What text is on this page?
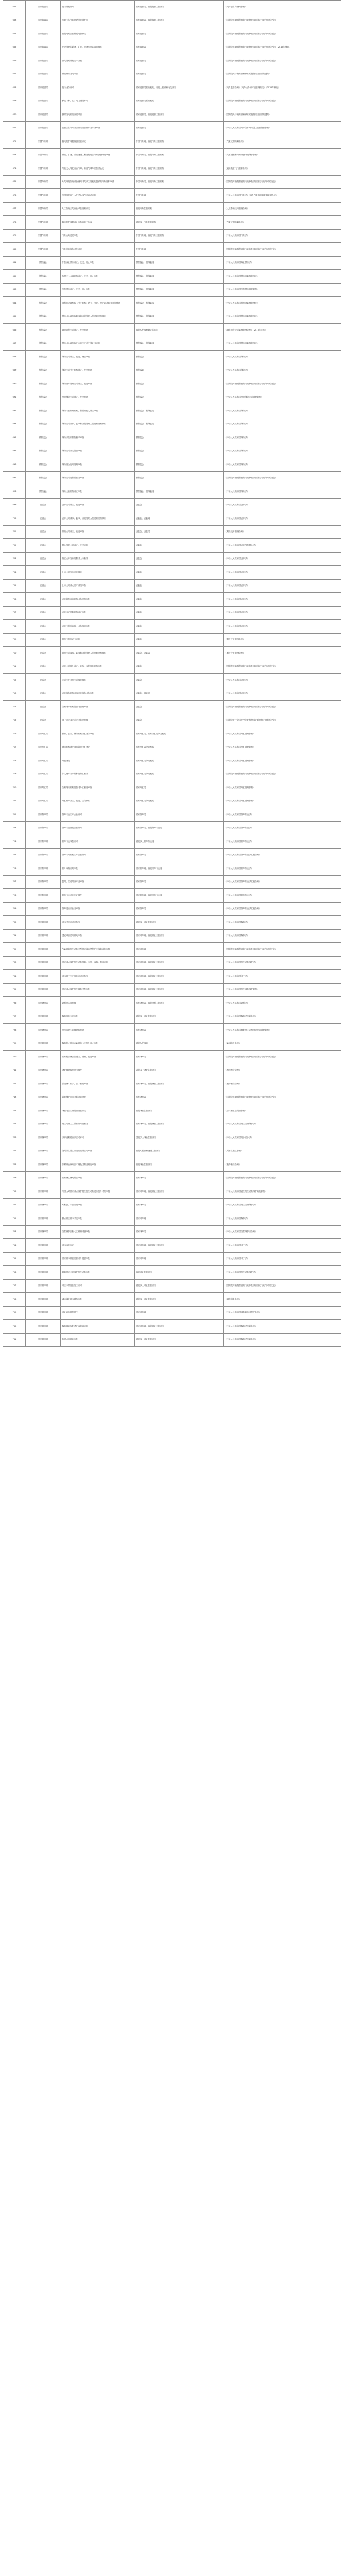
662	国家能源局	电力设施许可	国家能源局，省级能源主管部门	《电力供应与使用条例》
663	国家能源局	石油天然气基础设施建设许可	国家能源局，省级能源主管部门	《国务院对确需保留的行政审批项目设定行政许可的决定》
664	国家能源局	省级电网企业输配电价核定	国家能源局	《国务院对确需保留的行政审批项目设定行政许可的决定》
665	国家能源局	中央管理的新建、扩建、改建水电站项目核准	国家能源局	《国务院对确需保留的行政审批项目设定行政许可的决定》（2016年修改）
666	国家能源局	油气管网设施公平开放	国家能源局	《国务院对确需保留的行政审批项目设定行政许可的决定》
667	国家能源局	新建燃煤发电项目	国家能源局	《国务院关于发布政府核准的投资项目目录的通知》
668	国家能源局	电力业务许可	国家能源局派出机构，省级人民政府有关部门	《电力监管条例》《电力业务许可证管理规定》（2015年修改）
669	国家能源局	承装（修、试）电力设施许可	国家能源局派出机构	《国务院对确需保留的行政审批项目设定行政许可的决定》
670	国家能源局	燃煤发电机组新建项目	国家能源局，省级能源主管部门	《国务院关于发布政府核准的投资项目目录的通知》
671	国家能源局	石油天然气对外合作项目总体开发方案审批	国家能源局	《中华人民共和国对外合作开采陆上石油资源条例》
672	中国气象局	雷电防护装置检测资质认定	中国气象局，省级气象主管机构	《气象灾害防御条例》
673	中国气象局	新建、扩建、改建建设工程避免危害气象探测环境审批	中国气象局，省级气象主管机构	《气象设施和气象探测环境保护条例》
674	中国气象局	升放无人驾驶自由气球、系留气球单位资质认定	中国气象局，省级气象主管机构	《通用航空飞行管制条例》
675	中国气象局	大气环境影响评价使用非气象主管机构提供的气象资料审查	中国气象局，省级气象主管机构	《国务院对确需保留的行政审批项目设定行政许可的决定》
676	中国气象局	外国组织和个人在华从事气象活动审批	中国气象局	《中华人民共和国气象法》《涉外气象探测和资料管理办法》
677	中国气象局	人工影响天气作业单位资格认定	省级气象主管机构	《人工影响天气管理条例》
678	中国气象局	雷电防护装置设计审核和竣工验收	县级以上气象主管机构	《气象灾害防御条例》
679	中国气象局	气象台站迁建审批	中国气象局，省级气象主管机构	《中华人民共和国气象法》
680	中国气象局	气象信息服务单位备案	中国气象局	《国务院对确需保留的行政审批项目设定行政许可的决定》
681	银保监会	中资商业银行设立、变更、终止审批	银保监会，银保监局	《中华人民共和国商业银行法》
682	银保监会	农村中小金融机构设立、变更、终止审批	银保监会，银保监局	《中华人民共和国银行业监督管理法》
683	银保监会	外资银行设立、变更、终止审批	银保监会，银保监局	《中华人民共和国外资银行管理条例》
684	银保监会	非银行金融机构（分支机构）设立、变更、终止以及业务范围审批	银保监会，银保监局	《中华人民共和国银行业监督管理法》
685	银保监会	银行业金融机构董事和高级管理人员任职资格核准	银保监会，银保监局	《中华人民共和国银行业监督管理法》
686	银保监会	融资担保公司设立、变更审批	省级人民政府确定的部门	《融资担保公司监督管理条例》（2017年公布）
687	银保监会	银行业金融机构开办衍生产品交易业务审批	银保监会，银保监局	《中华人民共和国银行业监督管理法》
688	银保监会	保险公司设立、变更、终止审批	银保监会	《中华人民共和国保险法》
689	银保监会	保险公司分支机构设立、变更审批	银保监局	《中华人民共和国保险法》
690	银保监会	保险资产管理公司设立、变更审批	银保监会	《国务院对确需保留的行政审批项目设定行政许可的决定》
691	银保监会	外资保险公司设立、变更审批	银保监会	《中华人民共和国外资保险公司管理条例》
692	银保监会	保险专业代理机构、保险经纪人设立审批	银保监会，银保监局	《中华人民共和国保险法》
693	银保监会	保险公司董事、监事和高级管理人员任职资格核准	银保监会，银保监局	《中华人民共和国保险法》
694	银保监会	保险条款和保险费率审批	银保监会	《中华人民共和国保险法》
695	银保监会	保险公司重大投资审批	银保监会	《中华人民共和国保险法》
696	银保监会	保险资金运用管理审批	银保监会	《中华人民共和国保险法》
697	银保监会	保险公司再保险业务审批	银保监会	《国务院对确需保留的行政审批项目设定行政许可的决定》
698	银保监会	保险公估机构设立审批	银保监会，银保监局	《中华人民共和国保险法》
699	证监会	证券公司设立、变更审批	证监会	《中华人民共和国证券法》
700	证监会	证券公司董事、监事、高级管理人员任职资格核准	证监会，证监局	《中华人民共和国证券法》
701	证监会	期货公司设立、变更审批	证监会，证监局	《期货交易管理条例》
702	证监会	基金管理公司设立、变更审批	证监会	《中华人民共和国证券投资基金法》
703	证监会	首次公开发行股票并上市核准	证监会	《中华人民共和国证券法》
704	证监会	上市公司发行证券核准	证监会	《中华人民共和国证券法》
705	证监会	上市公司重大资产重组审核	证监会	《中华人民共和国证券法》
706	证监会	证券投资咨询机构业务资格审批	证监会	《中华人民共和国证券法》
707	证监会	证券登记结算机构设立审批	证监会	《中华人民共和国证券法》
708	证监会	证券交易所章程、业务规则审批	证监会	《中华人民共和国证券法》
709	证监会	期货交易所设立审批	证监会	《期货交易管理条例》
710	证监会	期货公司董事、监事和高级管理人员任职资格核准	证监会，证监局	《期货交易管理条例》
711	证监会	证券公司境外设立、收购、参股经营机构审批	证监会	《国务院对确需保留的行政审批项目设定行政许可的决定》
712	证监会	公司公开发行公司债券核准	证监会	《中华人民共和国证券法》
713	证监会	证券服务机构从事证券服务业务审批	证监会，财政部	《中华人民共和国证券法》
714	证监会	合格境外机构投资者资格审批	证监会	《国务院对确需保留的行政审批项目设定行政许可的决定》
715	证监会	非上市公众公司公开转让审核	证监会	《国务院关于全国中小企业股份转让系统有关问题的决定》
716	国家外汇局	银行、证券、保险机构外汇业务审批	国家外汇局，国家外汇局分支机构	《中华人民共和国外汇管理条例》
717	国家外汇局	境内机构境外直接投资外汇登记	国家外汇局分支机构	《中华人民共和国外汇管理条例》
718	国家外汇局	外债登记	国家外汇局分支机构	《中华人民共和国外汇管理条例》
719	国家外汇局	个人财产对外转移售付汇核准	国家外汇局分支机构	《国务院对确需保留的行政审批项目设定行政许可的决定》
720	国家外汇局	合格境内机构投资者外汇额度审批	国家外汇局	《中华人民共和国外汇管理条例》
721	国家外汇局	外汇账户开立、变更、关闭核准	国家外汇局分支机构	《中华人民共和国外汇管理条例》
722	国家烟草局	烟草专卖生产企业许可	国家烟草局	《中华人民共和国烟草专卖法》
723	国家烟草局	烟草专卖批发企业许可	国家烟草局，省级烟草专卖局	《中华人民共和国烟草专卖法》
724	国家烟草局	烟草专卖零售许可	县级以上烟草专卖局	《中华人民共和国烟草专卖法》
725	国家烟草局	烟草专用机械生产企业许可	国家烟草局	《中华人民共和国烟草专卖法实施条例》
726	国家烟草局	烟叶收购计划审批	国家烟草局，省级烟草专卖局	《中华人民共和国烟草专卖法》
727	国家烟草局	卷烟、雪茄烟新产品审批	国家烟草局	《中华人民共和国烟草专卖法实施条例》
728	国家烟草局	烟草专卖品准运证核发	国家烟草局，省级烟草专卖局	《中华人民共和国烟草专卖法》
729	国家烟草局	烟草进出口业务审批	国家烟草局	《中华人民共和国烟草专卖法实施条例》
730	国家林草局	林木采伐许可证核发	县级以上林业主管部门	《中华人民共和国森林法》
731	国家林草局	建设项目使用林地审核	国家林草局，省级林业主管部门	《中华人民共和国森林法》
732	国家林草局	在森林和野生动物类型国家级自然保护区修筑设施审批	国家林草局	《国务院对确需保留的行政审批项目设定行政许可的决定》
733	国家林草局	国家重点保护野生动物猎捕、出售、收购、利用审批	国家林草局，省级林业主管部门	《中华人民共和国野生动物保护法》
734	国家林草局	林木种子生产经营许可证核发	国家林草局，省级林业主管部门	《中华人民共和国种子法》
735	国家林草局	国家重点保护野生植物采集审批	国家林草局，省级林业主管部门	《中华人民共和国野生植物保护条例》
736	国家林草局	草原征占用审核	国家林草局，省级草原主管部门	《中华人民共和国草原法》
737	国家林草局	森林经营方案审批	县级以上林业主管部门	《中华人民共和国森林法实施条例》
738	国家林草局	进出口野生动植物种审批	国家林草局	《中华人民共和国濒危野生动植物进出口管理条例》
739	国家林草局	森林防火期内在森林防火区野外用火审批	县级人民政府	《森林防火条例》
740	国家林草局	国家级森林公园设立、撤销、变更审批	国家林草局	《国务院对确需保留的行政审批项目设定行政许可的决定》
741	国家林草局	林业植物检疫证书核发	县级以上林业主管部门	《植物检疫条例》
742	国家林草局	引进林木种子、苗木检疫审批	国家林草局，省级林业主管部门	《植物检疫条例》
743	国家林草局	湿地保护区内开展活动审批	国家林草局	《国务院对确需保留的行政审批项目设定行政许可的决定》
744	国家林草局	林业有害生物防治资质认定	省级林业主管部门	《森林病虫害防治条例》
745	国家林草局	野生动物人工繁育许可证核发	国家林草局，省级林业主管部门	《中华人民共和国野生动物保护法》
746	国家林草局	从事营利性治沙活动许可	县级以上林业主管部门	《中华人民共和国防沙治沙法》
747	国家林草局	在风景名胜区内进行建设活动审批	省级人民政府建设主管部门	《风景名胜区条例》
748	国家林草局	松材线虫病疫区木材及其制品调运审批	省级林业主管部门	《植物检疫条例》
749	国家林草局	国有林区林地转让审批	国家林草局	《国务院对确需保留的行政审批项目设定行政许可的决定》
750	国家林草局	外国人对国家重点保护陆生野生动物进行野外考察审批	国家林草局，省级林业主管部门	《中华人民共和国陆生野生动物保护实施条例》
751	国家林草局	大熊猫、朱鹮出境审批	国家林草局	《中华人民共和国野生动物保护法》
752	国家林草局	重点林区林木采伐审批	国家林草局	《中华人民共和国森林法》
753	国家林草局	自然保护区核心区科研观测审批	国家林草局	《中华人民共和国自然保护区条例》
754	国家林草局	林木良种审定	国家林草局，省级林业主管部门	《中华人民共和国种子法》
755	国家林草局	国家林木种质资源对外提供审批	国家林草局	《中华人民共和国种子法》
756	国家林草局	猎捕国家二级保护野生动物审批	省级林业主管部门	《中华人民共和国野生动物保护法》
757	国家林草局	林区木材经营加工许可	县级以上林业主管部门	《国务院对确需保留的行政审批项目设定行政许可的决定》
758	国家林草局	城市绿化林木移植审批	县级以上林业主管部门	《城市绿化条例》
759	国家林草局	林业新品种权授予	国家林草局	《中华人民共和国植物新品种保护条例》
760	国家林草局	森林植被恢复费征收管理审批	国家林草局，省级林业主管部门	《中华人民共和国森林法实施条例》
761	国家林草局	临时占用林地审批	县级以上林业主管部门	《中华人民共和国森林法实施条例》
